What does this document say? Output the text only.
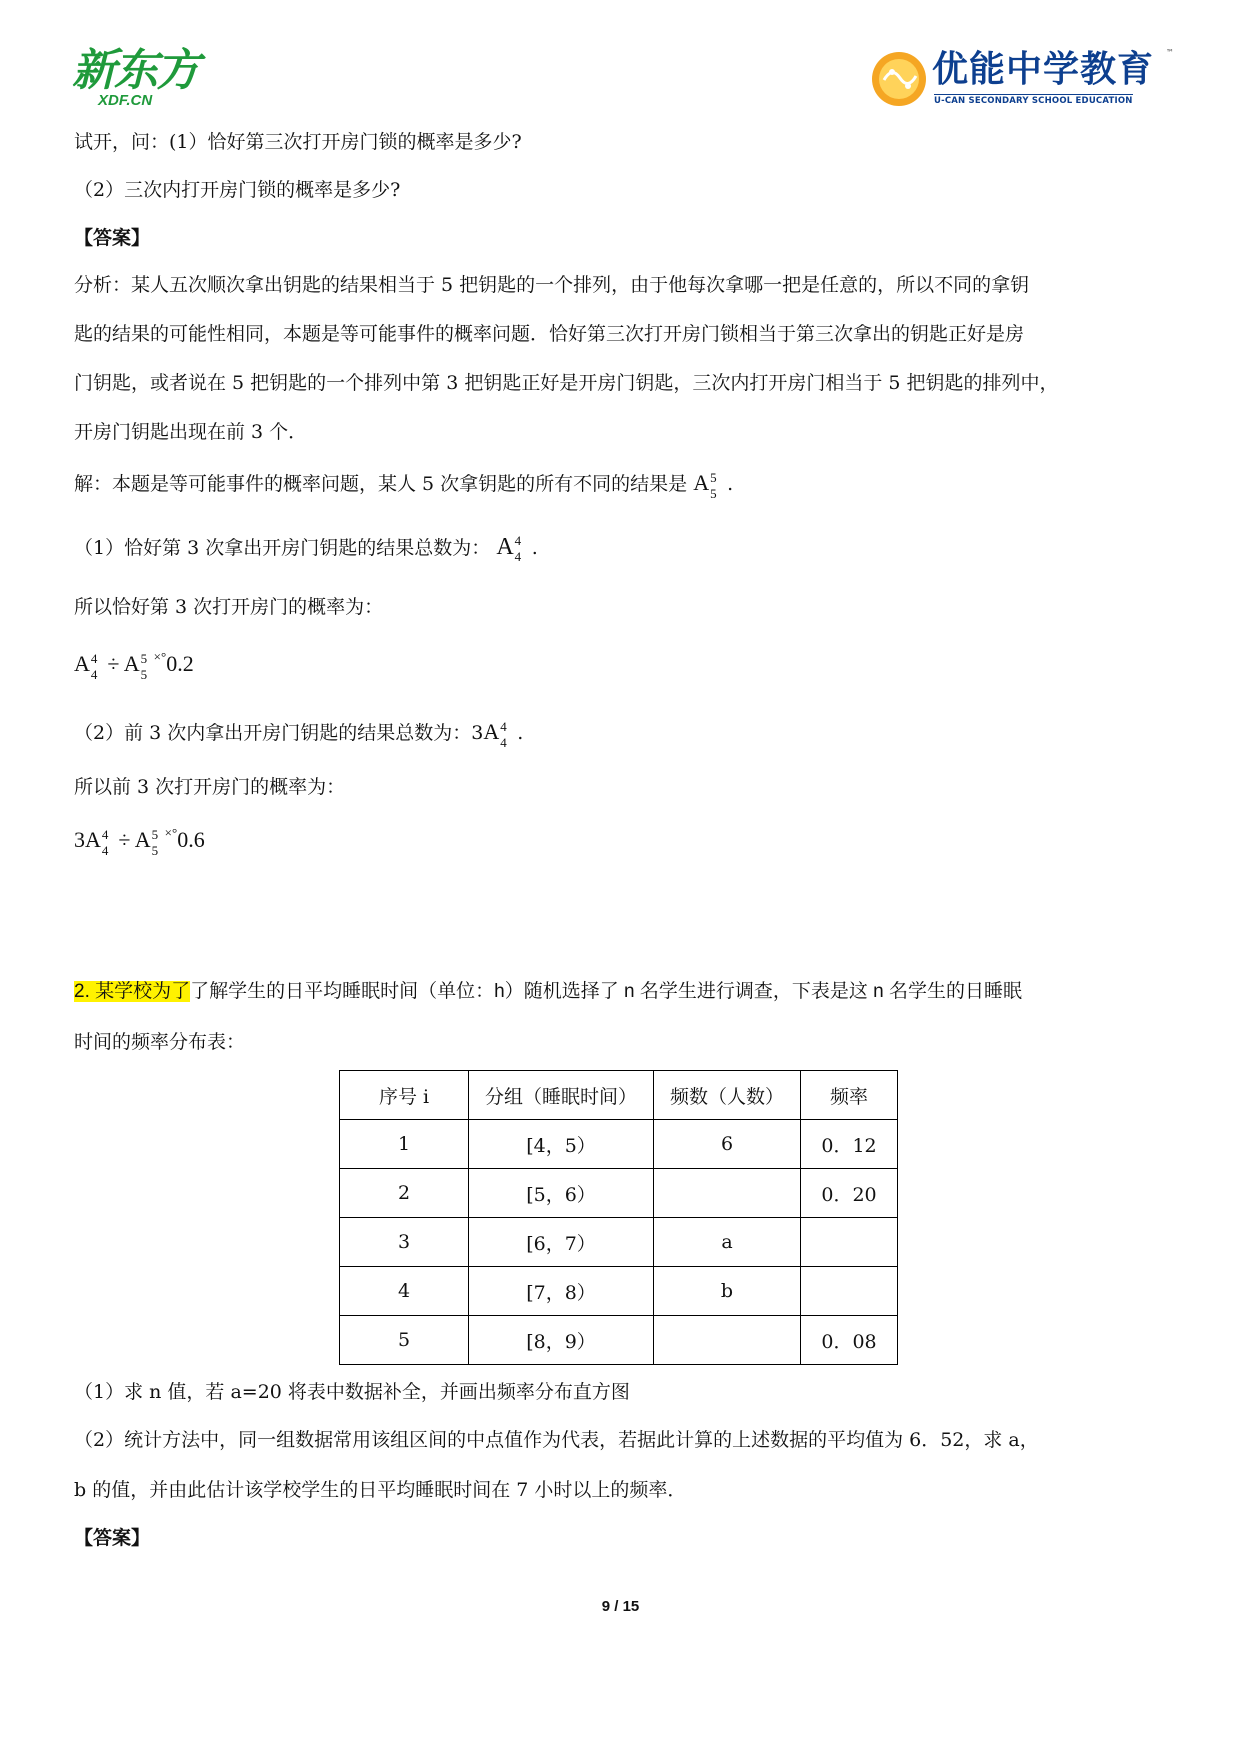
新东方
XDF.CN
优能中学教育 ™
U-CAN SECONDARY SCHOOL EDUCATION
试开，问：(1）恰好第三次打开房门锁的概率是多少?
（2）三次内打开房门锁的概率是多少?
【答案】
分析：某人五次顺次拿出钥匙的结果相当于 5 把钥匙的一个排列，由于他每次拿哪一把是任意的，所以不同的拿钥
匙的结果的可能性相同，本题是等可能事件的概率问题．恰好第三次打开房门锁相当于第三次拿出的钥匙正好是房
门钥匙，或者说在 5 把钥匙的一个排列中第 3 把钥匙正好是开房门钥匙，三次内打开房门相当于 5 把钥匙的排列中，
开房门钥匙出现在前 3 个．
解：本题是等可能事件的概率问题，某人 5 次拿钥匙的所有不同的结果是 A 5
5 .
（1）恰好第 3 次拿出开房门钥匙的结果总数为： A 4
4 .
所以恰好第 3 次打开房门的概率为：
A 4
4 ÷ A 5
5
×°0.2
（2）前 3 次内拿出开房门钥匙的结果总数为：3A 4
4 .
所以前 3 次打开房门的概率为：
3A 4
4 ÷ A 5
5
×°0.6
2. 某学校为了了解学生的日平均睡眠时间（单位：h）随机选择了 n 名学生进行调查，下表是这 n 名学生的日睡眠
时间的频率分布表：
序号 i	分组（睡眠时间）	频数（人数）	频率
1	[4，5）	6	0．12
2	[5，6）		0．20
3	[6，7）	a	
4	[7，8）	b	
5	[8，9）		0．08
（1）求 n 值，若 a=20 将表中数据补全，并画出频率分布直方图
（2）统计方法中，同一组数据常用该组区间的中点值作为代表，若据此计算的上述数据的平均值为 6．52，求 a，
b 的值，并由此估计该学校学生的日平均睡眠时间在 7 小时以上的频率．
【答案】
9 / 15
